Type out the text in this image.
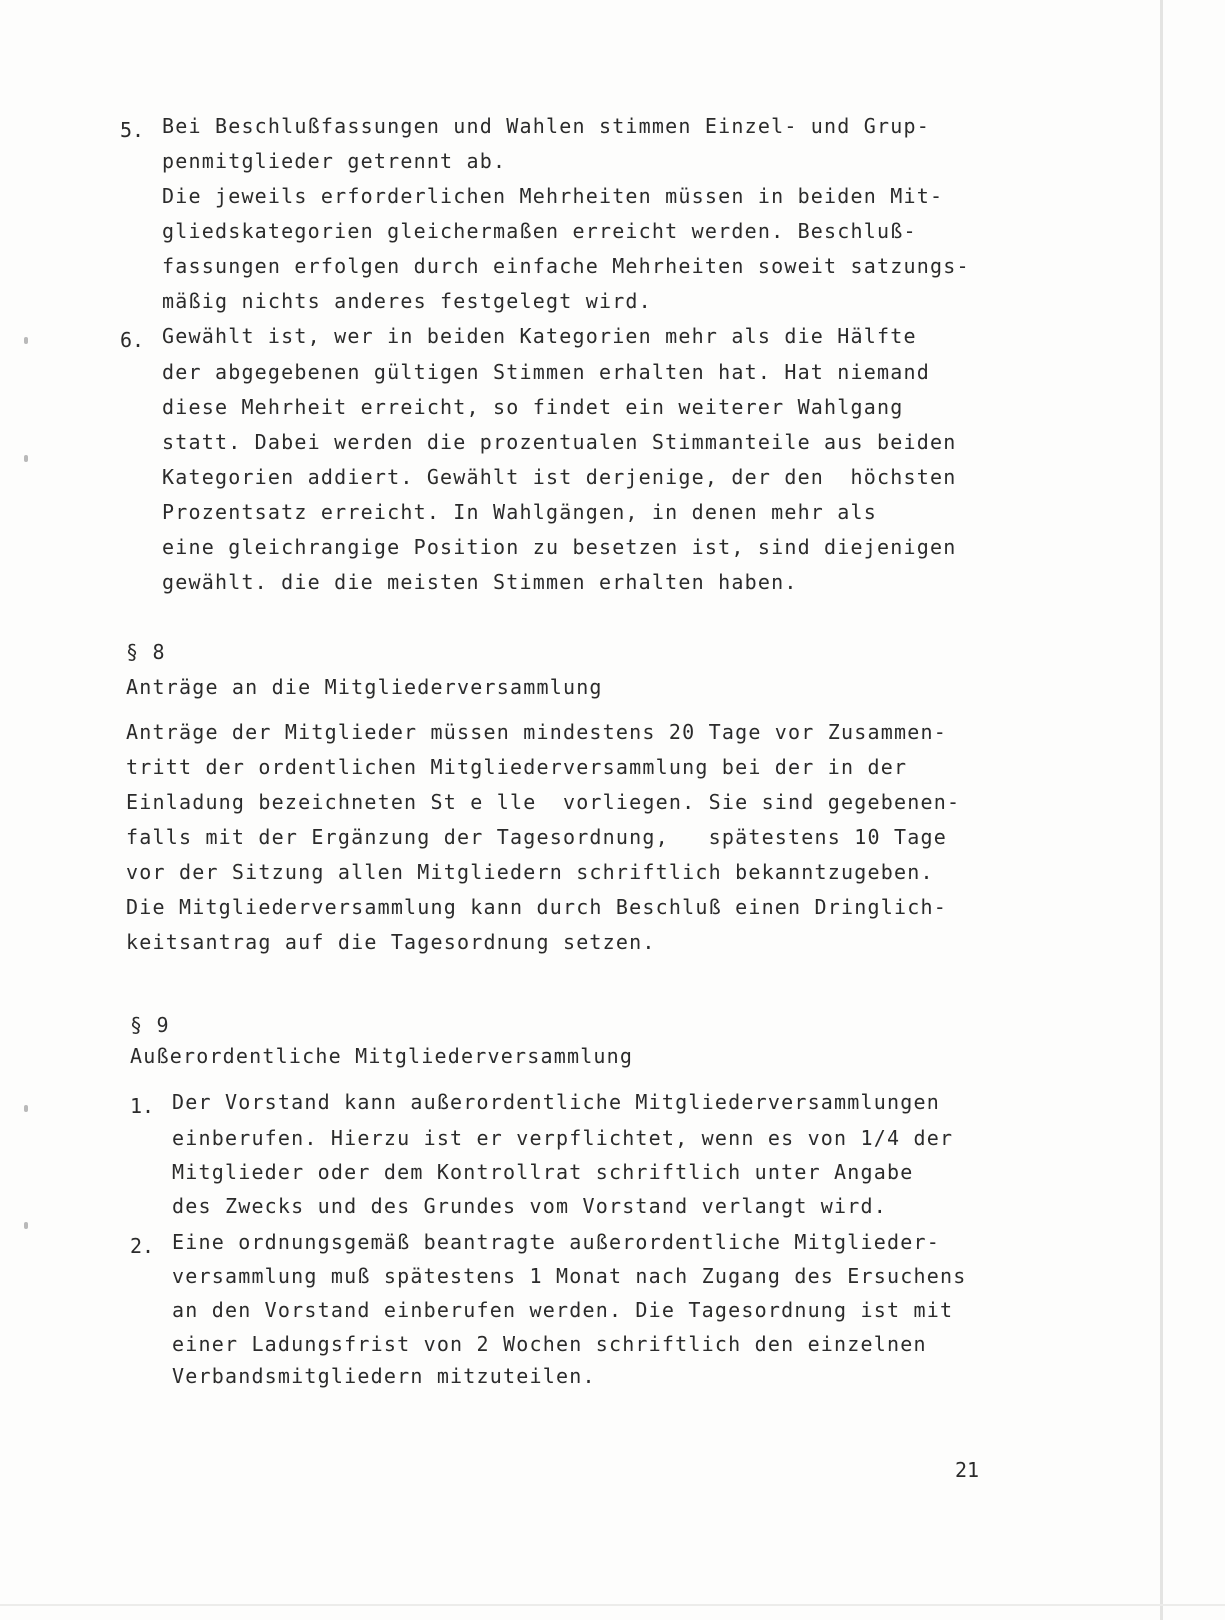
5. Bei Beschlußfassungen und Wahlen stimmen Einzel- und Grup-
penmitglieder getrennt ab.
Die jeweils erforderlichen Mehrheiten müssen in beiden Mit-
gliedskategorien gleichermaßen erreicht werden. Beschluß-
fassungen erfolgen durch einfache Mehrheiten soweit satzungs-
mäßig nichts anderes festgelegt wird.
6. Gewählt ist, wer in beiden Kategorien mehr als die Hälfte
der abgegebenen gültigen Stimmen erhalten hat. Hat niemand
diese Mehrheit erreicht, so findet ein weiterer Wahlgang
statt. Dabei werden die prozentualen Stimmanteile aus beiden
Kategorien addiert. Gewählt ist derjenige, der den  höchsten
Prozentsatz erreicht. In Wahlgängen, in denen mehr als
eine gleichrangige Position zu besetzen ist, sind diejenigen
gewählt. die die meisten Stimmen erhalten haben.
§ 8
Anträge an die Mitgliederversammlung
Anträge der Mitglieder müssen mindestens 20 Tage vor Zusammen-
tritt der ordentlichen Mitgliederversammlung bei der in der
Einladung bezeichneten St e lle  vorliegen. Sie sind gegebenen-
falls mit der Ergänzung der Tagesordnung,   spätestens 10 Tage
vor der Sitzung allen Mitgliedern schriftlich bekanntzugeben.
Die Mitgliederversammlung kann durch Beschluß einen Dringlich-
keitsantrag auf die Tagesordnung setzen.
§ 9
Außerordentliche Mitgliederversammlung
1. Der Vorstand kann außerordentliche Mitgliederversammlungen
einberufen. Hierzu ist er verpflichtet, wenn es von 1/4 der
Mitglieder oder dem Kontrollrat schriftlich unter Angabe
des Zwecks und des Grundes vom Vorstand verlangt wird.
2. Eine ordnungsgemäß beantragte außerordentliche Mitglieder-
versammlung muß spätestens 1 Monat nach Zugang des Ersuchens
an den Vorstand einberufen werden. Die Tagesordnung ist mit
einer Ladungsfrist von 2 Wochen schriftlich den einzelnen
Verbandsmitgliedern mitzuteilen.
21
